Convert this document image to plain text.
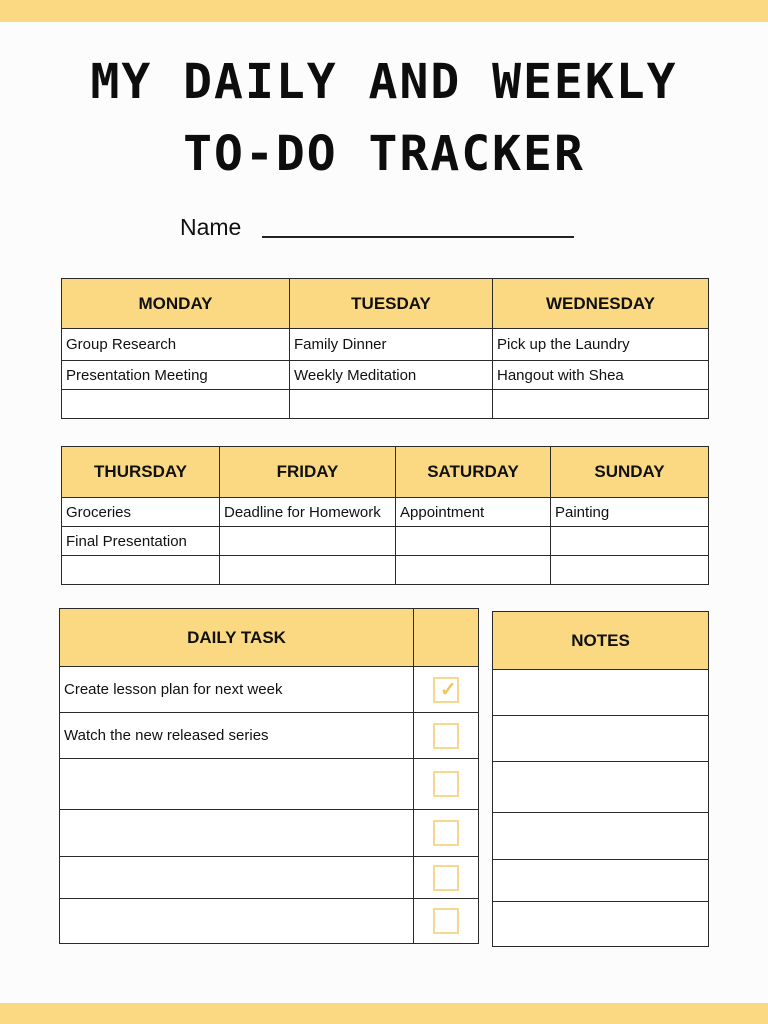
MY DAILY AND WEEKLY
TO-DO TRACKER
Name
MONDAY	TUESDAY	WEDNESDAY
Group Research	Family Dinner	Pick up the Laundry
Presentation Meeting	Weekly Meditation	Hangout with Shea

THURSDAY	FRIDAY	SATURDAY	SUNDAY
Groceries	Deadline for Homework	Appointment	Painting
Final Presentation			

DAILY TASK	
Create lesson plan for next week	✓

Watch the new released series	

NOTES
